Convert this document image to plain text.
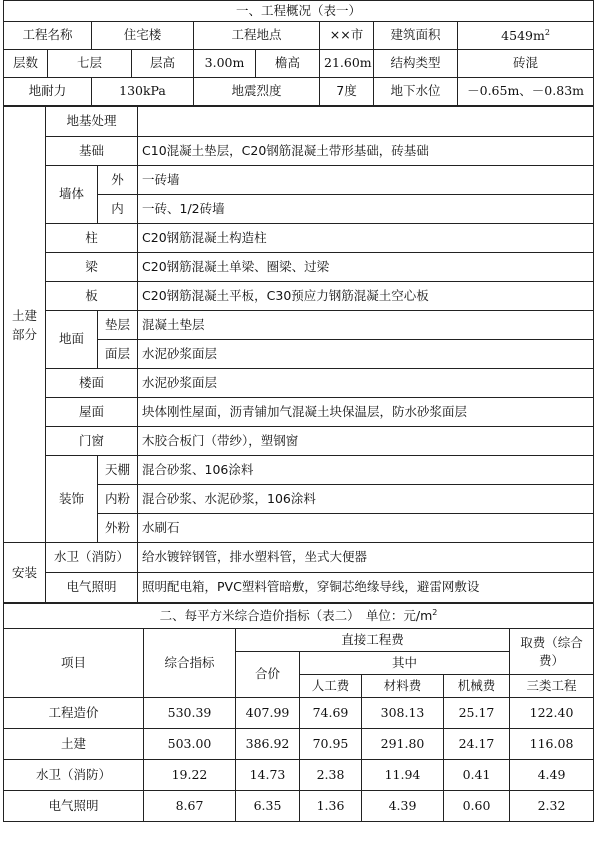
一、工程概况（表一）								
工程名称		住宅楼		工程地点		××市	建筑面积	$4549m^2$
层数	七层		层高	3.00m	檐高	21.60m	结构类型	砖混
地耐力		130kPa		地震烈度		7度	地下水位	－0.65m、－0.83m
土建部分	地基处理		
	基础		C10混凝土垫层，C20钢筋混凝土带形基础，砖基础
	墙体	外	一砖墙
		内	一砖、1/2砖墙
	柱		C20钢筋混凝土构造柱
	梁		C20钢筋混凝土单梁、圈梁、过梁
	板		C20钢筋混凝土平板，C30预应力钢筋混凝土空心板
	地面	垫层	混凝土垫层
		面层	水泥砂浆面层
	楼面		水泥砂浆面层
	屋面		块体刚性屋面，沥青铺加气混凝土块保温层，防水砂浆面层
	门窗		木胶合板门（带纱），塑钢窗
	装饰	天棚	混合砂浆、106涂料
		内粉	混合砂浆、水泥砂浆，106涂料
		外粉	水刷石
安装	水卫（消防）		给水镀锌钢管，排水塑料管，坐式大便器
	电气照明		照明配电箱，PVC塑料管暗敷，穿铜芯绝缘导线，避雷网敷设
二、每平方米综合造价指标（表二）　单位：元$/m^2$
项目	综合指标	直接工程费				取费（综合费）
		合价	其中			
			人工费	材料费	机械费	三类工程
工程造价	530.39	407.99	74.69	308.13	25.17	122.40
土建	503.00	386.92	70.95	291.80	24.17	116.08
水卫（消防）	19.22	14.73	2.38	11.94	0.41	4.49
电气照明	8.67	6.35	1.36	4.39	0.60	2.32
